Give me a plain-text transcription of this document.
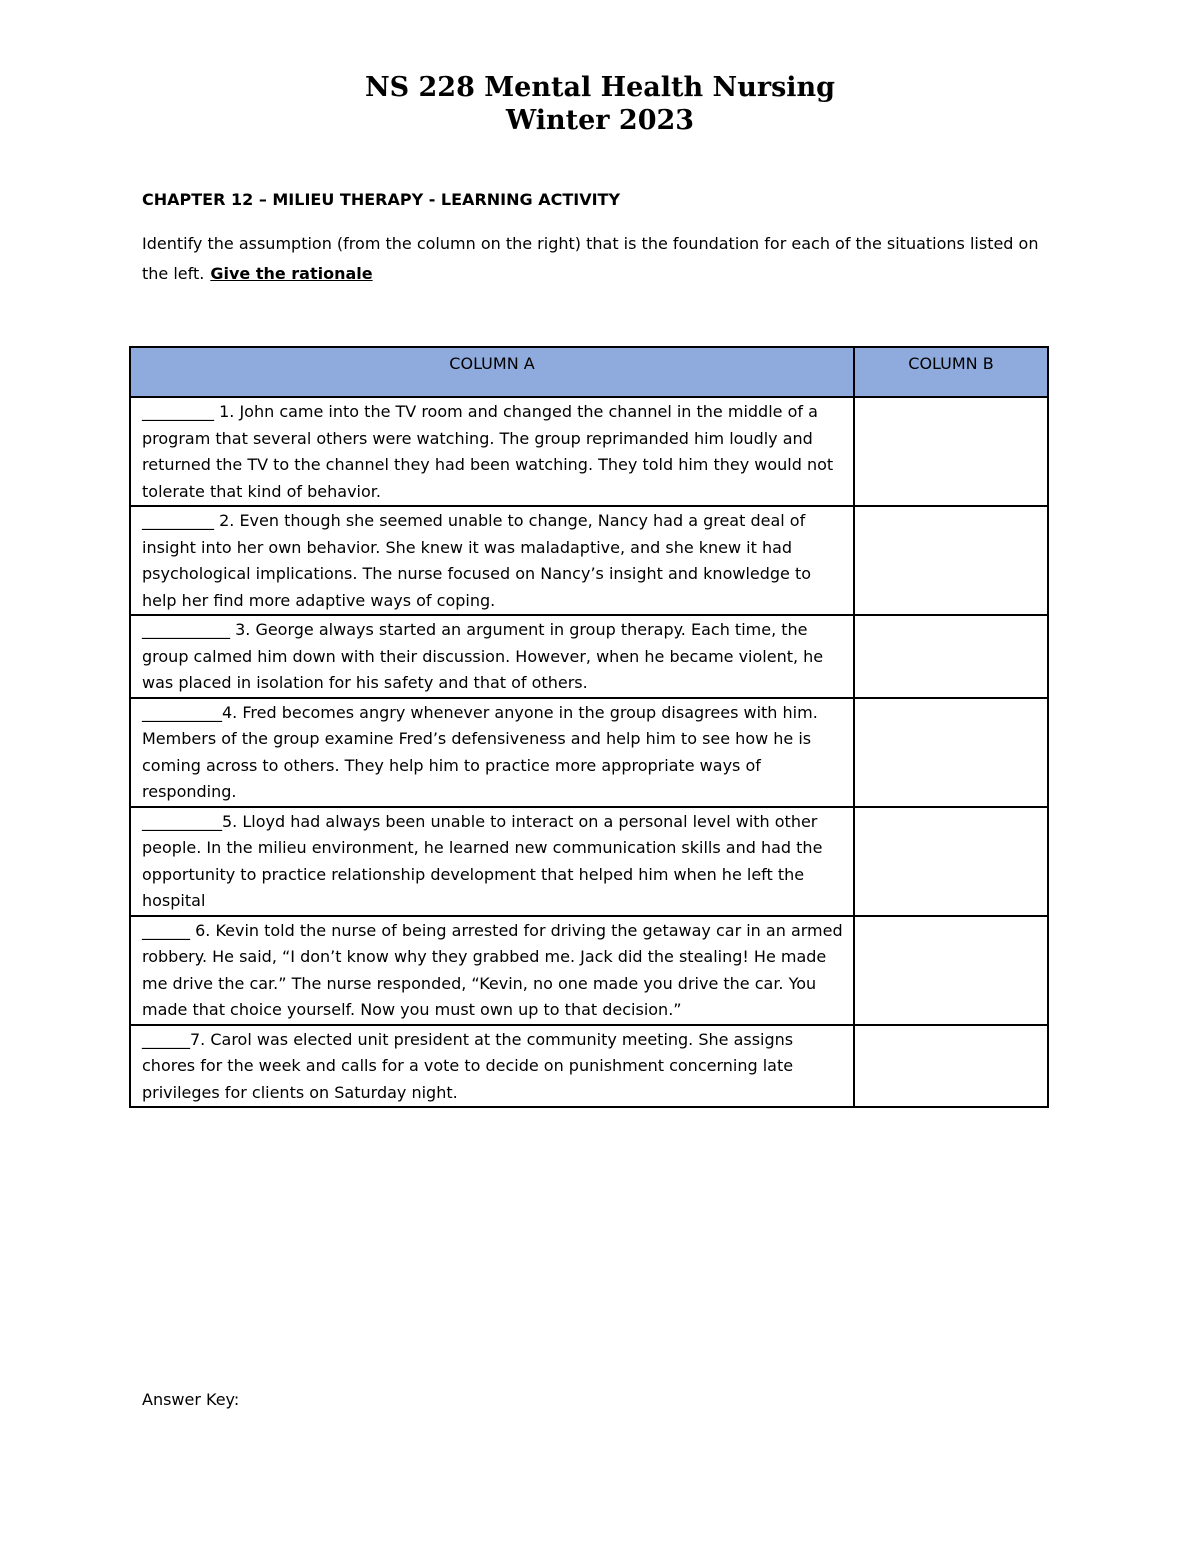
NS 228 Mental Health Nursing
Winter 2023
CHAPTER 12 – MILIEU THERAPY - LEARNING ACTIVITY
Identify the assumption (from the column on the right) that is the foundation for each of the situations listed on the left. Give the rationale
COLUMN A	COLUMN B
_________ 1. John came into the TV room and changed the channel in the middle of a program that several others were watching. The group reprimanded him loudly and returned the TV to the channel they had been watching. They told him they would not tolerate that kind of behavior.	
_________ 2. Even though she seemed unable to change, Nancy had a great deal of insight into her own behavior. She knew it was maladaptive, and she knew it had psychological implications. The nurse focused on Nancy’s insight and knowledge to help her find more adaptive ways of coping.	
___________ 3. George always started an argument in group therapy. Each time, the group calmed him down with their discussion. However, when he became violent, he was placed in isolation for his safety and that of others.	
__________4. Fred becomes angry whenever anyone in the group disagrees with him. Members of the group examine Fred’s defensiveness and help him to see how he is coming across to others. They help him to practice more appropriate ways of responding.	
__________5. Lloyd had always been unable to interact on a personal level with other people. In the milieu environment, he learned new communication skills and had the opportunity to practice relationship development that helped him when he left the hospital	
______ 6. Kevin told the nurse of being arrested for driving the getaway car in an armed robbery. He said, “I don’t know why they grabbed me. Jack did the stealing! He made me drive the car.” The nurse responded, “Kevin, no one made you drive the car. You made that choice yourself. Now you must own up to that decision.”	
______7. Carol was elected unit president at the community meeting. She assigns chores for the week and calls for a vote to decide on punishment concerning late privileges for clients on Saturday night.	
Answer Key:
